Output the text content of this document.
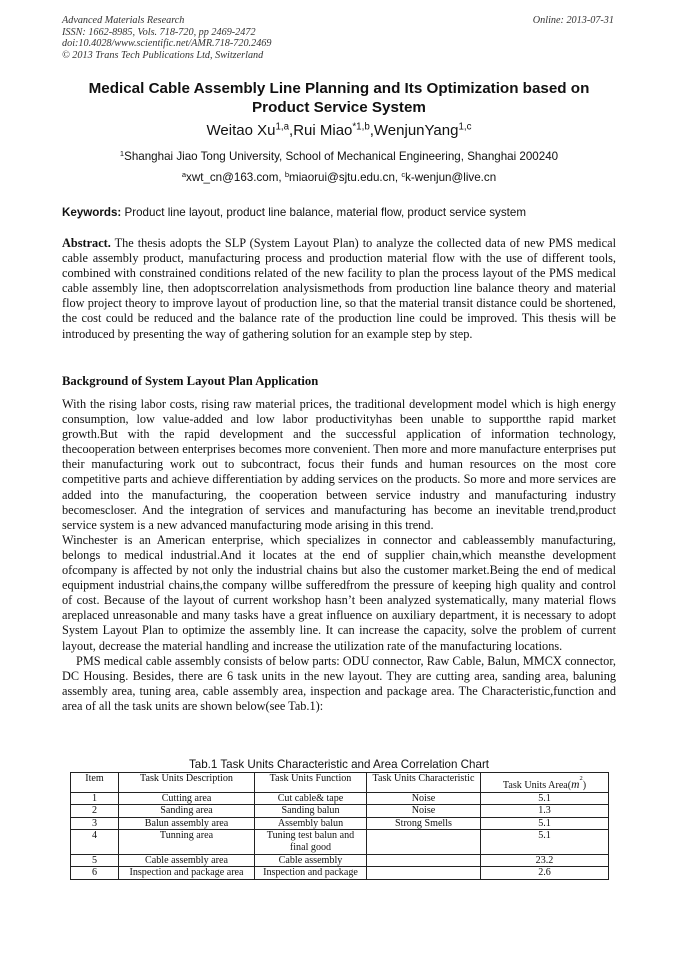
Advanced Materials Research
ISSN: 1662-8985, Vols. 718-720, pp 2469-2472
doi:10.4028/www.scientific.net/AMR.718-720.2469
© 2013 Trans Tech Publications Ltd, Switzerland
Online: 2013-07-31
Medical Cable Assembly Line Planning and Its Optimization based on Product Service System
Weitao Xu$^{1,a}$,Rui Miao$^{*1,b}$,WenjunYang$^{1,c}$
$^1$Shanghai Jiao Tong University, School of Mechanical Engineering, Shanghai 200240
$^a$xwt_cn@163.com, $^b$miaorui@sjtu.edu.cn, $^c$k-wenjun@live.cn
Keywords: Product line layout, product line balance, material flow, product service system
Abstract. The thesis adopts the SLP (System Layout Plan) to analyze the collected data of new PMS medical cable assembly product, manufacturing process and production material flow with the use of different tools, combined with constrained conditions related of the new facility to plan the process layout of the PMS medical cable assembly line, then adoptscorrelation analysismethods from production line balance theory and material flow project theory to improve layout of production line, so that the material transit distance could be shortened, the cost could be reduced and the balance rate of the production line could be improved. This thesis will be introduced by presenting the way of gathering solution for an example step by step.
Background of System Layout Plan Application

With the rising labor costs, rising raw material prices, the traditional development model which is high energy consumption, low value-added and low labor productivityhas been unable to supportthe rapid market growth.But with the rapid development and the successful application of information technology, thecooperation between enterprises becomes more convenient. Then more and more manufacture enterprises put their manufacturing work out to subcontract, focus their funds and human resources on the most core competitive parts and achieve differentiation by adding services on the products. So more and more services are added into the manufacturing, the cooperation between service industry and manufacturing industry becomescloser. And the integration of services and manufacturing has become an inevitable trend,product service system is a new advanced manufacturing mode arising in this trend.

Winchester is an American enterprise, which specializes in connector and cableassembly manufacturing, belongs to medical industrial.And it locates at the end of supplier chain,which meansthe development ofcompany is affected by not only the industrial chains but also the customer market.Being the end of medical equipment industrial chains,the company willbe sufferedfrom the pressure of keeping high quality and control of cost. Because of the layout of current workshop hasn’t been analyzed systematically, many material flows areplaced unreasonable and many tasks have a great influence on auxiliary department, it is necessary to adopt System Layout Plan to optimize the assembly line. It can increase the capacity, solve the problem of current layout, decrease the material handling and increase the utilization rate of the manufacturing locations.

PMS medical cable assembly consists of below parts: ODU connector, Raw Cable, Balun, MMCX connector, DC Housing. Besides, there are 6 task units in the new layout. They are cutting area, sanding area, baluning assembly area, tuning area, cable assembly area, inspection and package area. The Characteristic,function and area of all the task units are shown below(see Tab.1):

Tab.1 Task Units Characteristic and Area Correlation Chart
Item	Task Units Description	Task Units Function	Task Units Characteristic	Task Units $Area(m^2)$
1	Cutting area	Cut cable& tape	Noise	5.1
2	Sanding area	Sanding balun	Noise	1.3
3	Balun assembly area	Assembly balun	Strong Smells	5.1
4	Tunning area	Tuning test balun and final good		5.1
5	Cable assembly area	Cable assembly		23.2
6	Inspection and package area	Inspection and package		2.6
